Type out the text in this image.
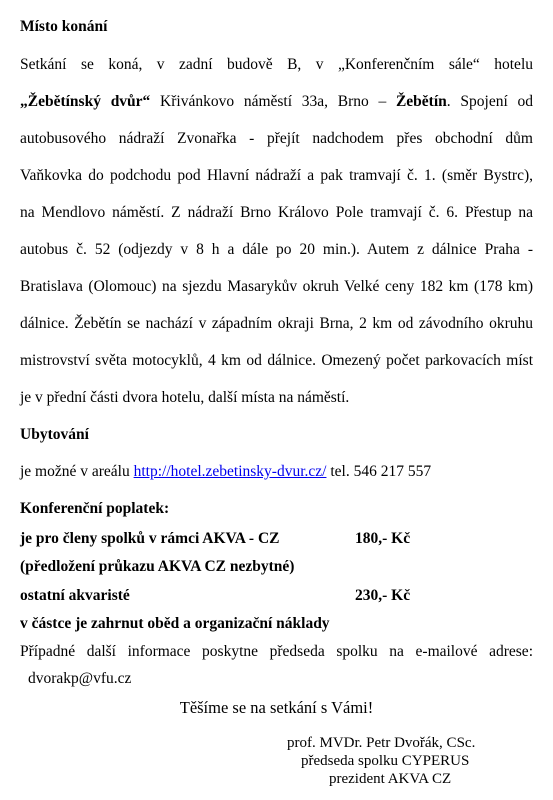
Místo konání
Setkání se koná, v zadní budově B, v „Konferenčním sále“ hotelu
„Žebětínský dvůr“ Křivánkovo náměstí 33a, Brno – Žebětín. Spojení od
autobusového nádraží Zvonařka - přejít nadchodem přes obchodní dům
Vaňkovka do podchodu pod Hlavní nádraží a pak tramvají č. 1. (směr Bystrc),
na Mendlovo náměstí. Z nádraží Brno Královo Pole tramvají č. 6. Přestup na
autobus č. 52 (odjezdy v 8 h a dále po 20 min.). Autem z dálnice Praha -
Bratislava (Olomouc) na sjezdu Masarykův okruh Velké ceny 182 km (178 km)
dálnice. Žebětín se nachází v západním okraji Brna, 2 km od závodního okruhu
mistrovství světa motocyklů, 4 km od dálnice. Omezený počet parkovacích míst
je v přední části dvora hotelu, další místa na náměstí.
Ubytování
je možné v areálu http://hotel.zebetinsky-dvur.cz/ tel. 546 217 557
Konferenční poplatek:
je pro členy spolků v rámci AKVA - CZ	180,- Kč
(předložení průkazu AKVA CZ nezbytné)
ostatní akvaristé	230,- Kč
v částce je zahrnut oběd a organizační náklady
Případné další informace poskytne předseda spolku na e-mailové adrese:
dvorakp@vfu.cz
Těšíme se na setkání s Vámi!
prof. MVDr. Petr Dvořák, CSc.
předseda spolku CYPERUS
prezident AKVA CZ
